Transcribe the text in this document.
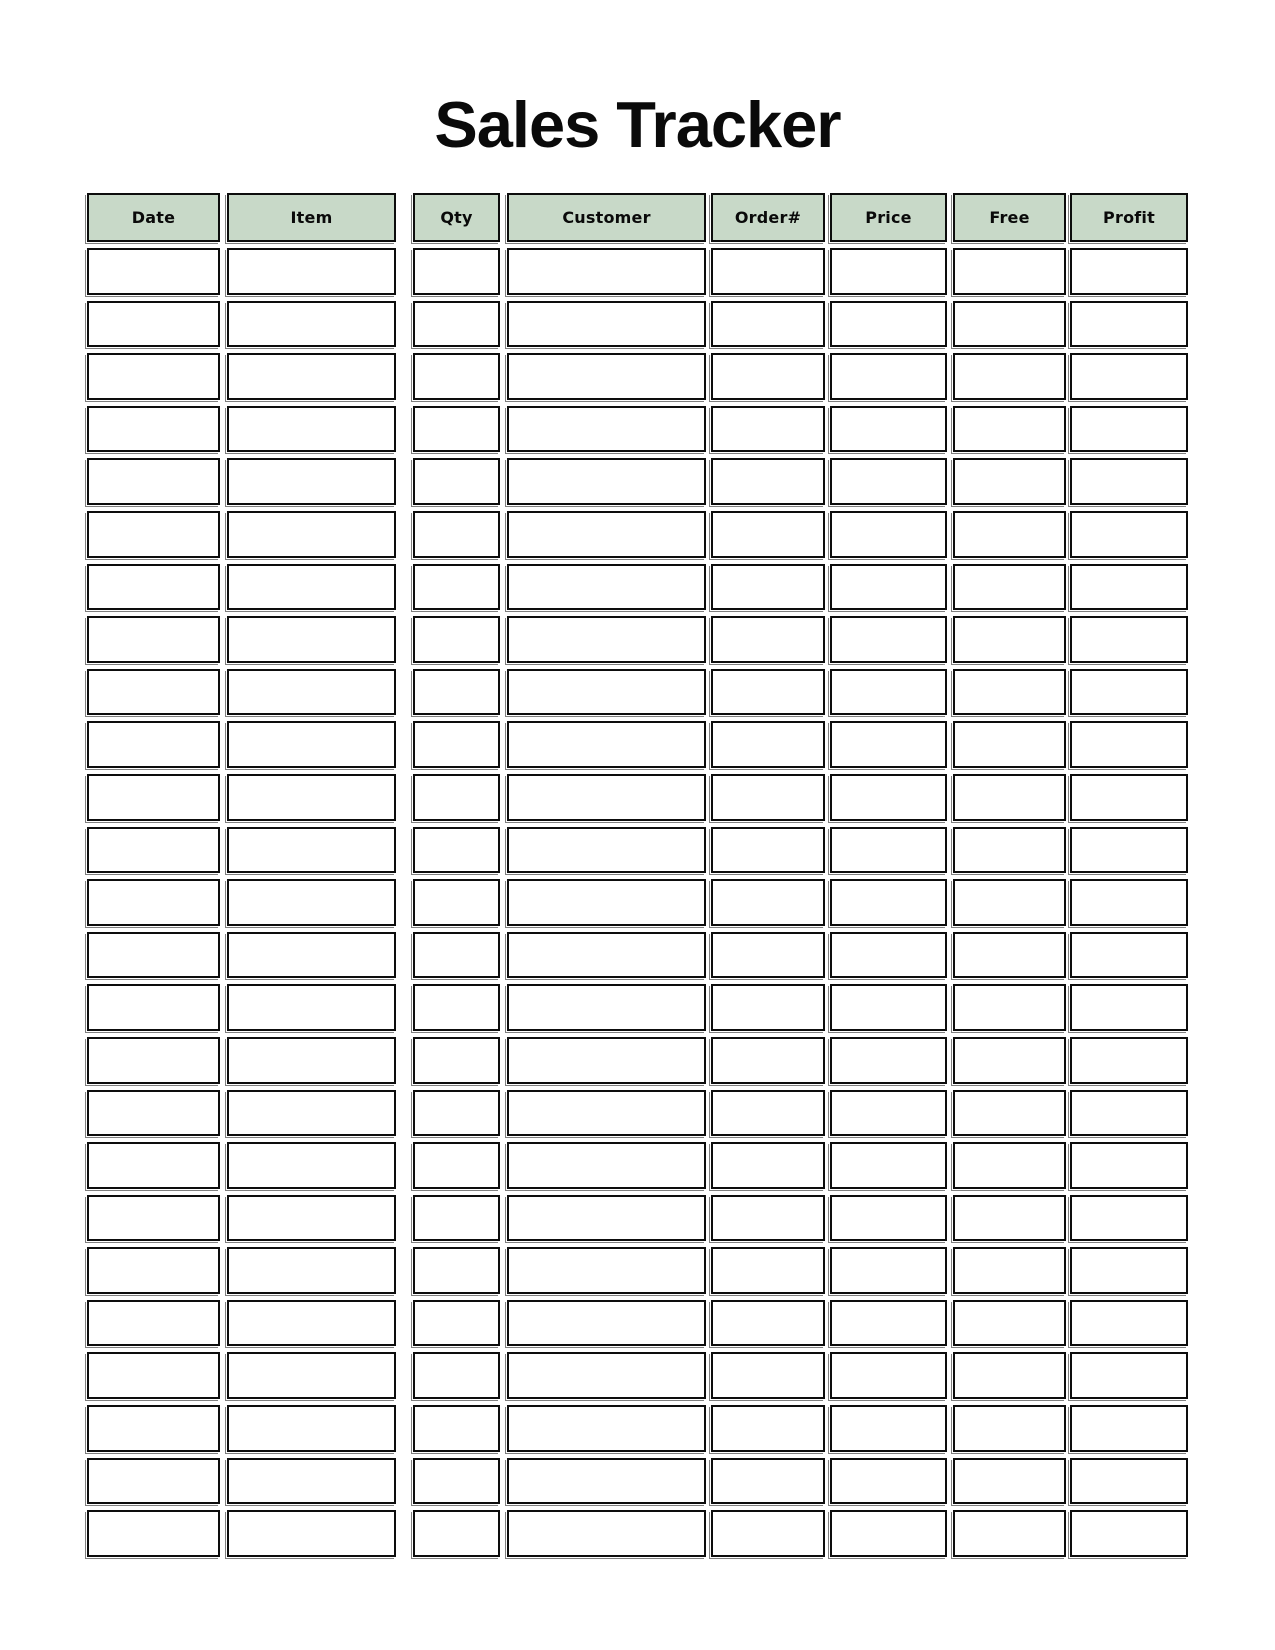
Sales Tracker
Date	Item	Qty	Customer	Order#	Price	Free	Profit
